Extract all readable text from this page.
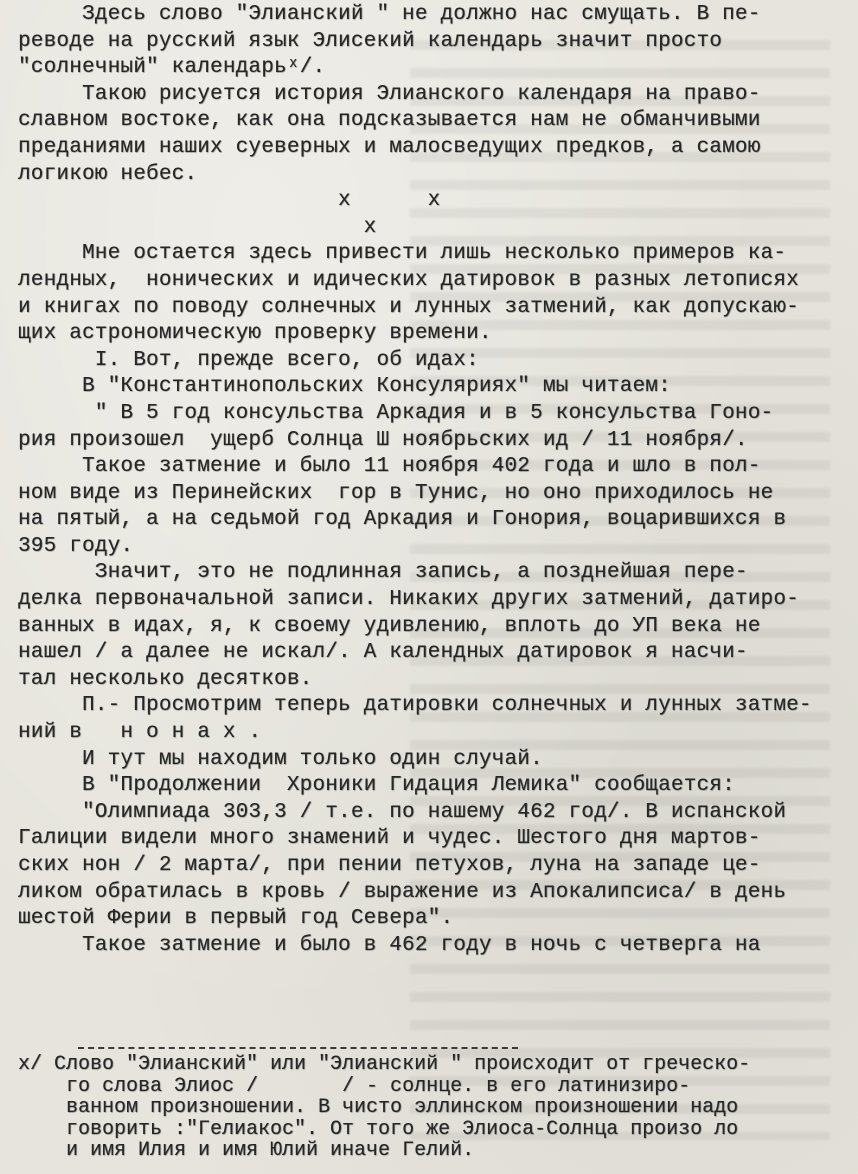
Здесь слово "Элианский " не должно нас смущать. В пе-
реводе на русский язык Элисекий календарь значит просто
"солнечный" календарьˣ/.
Такою рисуется история Элианского календаря на право-
славном востоке, как она подсказывается нам не обманчивыми
преданиями наших суеверных и малосведущих предков, а самою
логикою небес.
х      х
х
Мне остается здесь привести лишь несколько примеров ка-
лендных,  нонических и идических датировок в разных летописях
и книгах по поводу солнечных и лунных затмений, как допускаю-
щих астрономическую проверку времени.
I. Вот, прежде всего, об идах:
В "Константинопольских Консуляриях" мы читаем:
" В 5 год консульства Аркадия и в 5 консульства Гоно-
рия произошел  ущерб Солнца Ш ноябрьских ид / 11 ноября/.
Такое затмение и было 11 ноября 402 года и шло в пол-
ном виде из Перинейских  гор в Тунис, но оно приходилось не
на пятый, а на седьмой год Аркадия и Гонория, воцарившихся в
395 году.
Значит, это не подлинная запись, а позднейшая пере-
делка первоначальной записи. Никаких других затмений, датиро-
ванных в идах, я, к своему удивлению, вплоть до УП века не
нашел / а далее не искал/. А календных датировок я насчи-
тал несколько десятков.
П.- Просмотрим теперь датировки солнечных и лунных затме-
ний в   н о н а х .
И тут мы находим только один случай.
В "Продолжении  Хроники Гидация Лемика" сообщается:
"Олимпиада 303,3 / т.е. по нашему 462 год/. В испанской
Галиции видели много знамений и чудес. Шестого дня мартов-
ских нон / 2 марта/, при пении петухов, луна на западе це-
ликом обратилась в кровь / выражение из Апокалипсиса/ в день
шестой Ферии в первый год Севера".
Такое затмение и было в 462 году в ночь с четверга на
х/ Слово "Элианский" или "Элианский " происходит от греческо-
го слова Элиос /       / - солнце. в его латинизиро-
ванном произношении. В чисто эллинском произношении надо
говорить :"Гелиакос". От того же Элиоса-Солнца произо ло
и имя Илия и имя Юлий иначе Гелий.
